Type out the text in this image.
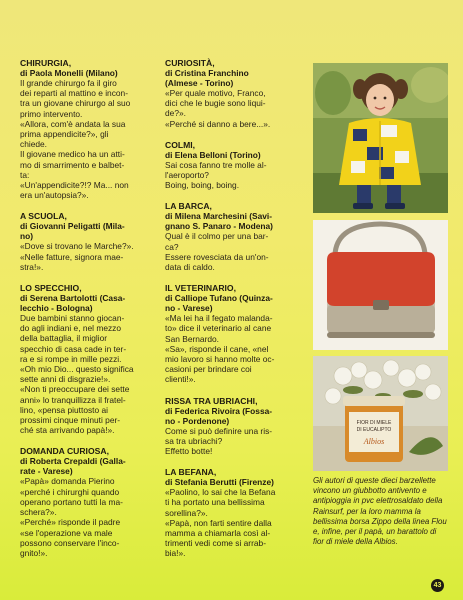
CHIRURGIA,
di Paola Monelli (Milano)

Il grande chirurgo fa il giro

dei reparti al mattino e incon-

tra un giovane chirurgo al suo

primo intervento.

«Allora, com'è andata la sua

prima appendicite?», gli

chiede.

Il giovane medico ha un atti-

mo di smarrimento e balbet-

ta:

«Un'appendicite?!? Ma... non

era un'autopsia?».

A SCUOLA,
di Giovanni Peligatti (Mila-
no)

«Dove si trovano le Marche?».

«Nelle fatture, signora mae-

stra!».

LO SPECCHIO,
di Serena Bartolotti (Casa-
lecchio - Bologna)

Due bambini stanno giocan-

do agli indiani e, nel mezzo

della battaglia, il miglior

specchio di casa cade in ter-

ra e si rompe in mille pezzi.

«Oh mio Dio... questo significa

sette anni di disgrazie!».

«Non ti preoccupare dei sette

anni» lo tranquillizza il fratel-

lino, «pensa piuttosto ai

prossimi cinque minuti per-

ché sta arrivando papà!».

DOMANDA CURIOSA,
di Roberta Crepaldi (Galla-
rate - Varese)

«Papà» domanda Pierino

«perché i chirurghi quando

operano portano tutti la ma-

schera?».

«Perché» risponde il padre

«se l'operazione va male

possono conservare l'inco-

gnito!».

CURIOSITÀ,
di Cristina Franchino
(Almese - Torino)

«Per quale motivo, Franco,

dici che le bugie sono liqui-

de?».

«Perché si danno a bere...».

COLMI,
di Elena Belloni (Torino)

Sai cosa fanno tre molle al-

l'aeroporto?

Boing, boing, boing.

LA BARCA,
di Milena Marchesini (Savi-
gnano S. Panaro - Modena)

Qual è il colmo per una bar-

ca?

Essere rovesciata da un'on-

data di caldo.

IL VETERINARIO,
di Calliope Tufano (Quinza-
no - Varese)

«Ma lei ha il fegato malanda-

to» dice il veterinario al cane

San Bernardo.

«Sa», risponde il cane, «nel

mio lavoro si hanno molte oc-

casioni per brindare coi

clienti!».

RISSA TRA UBRIACHI,
di Federica Rivoira (Fossa-
no - Pordenone)

Come si può definire una ris-

sa tra ubriachi?

Effetto botte!

LA BEFANA,
di Stefania Berutti (Firenze)

«Paolino, lo sai che la Befana

ti ha portato una bellissima

sorellina?».

«Papà, non farti sentire dalla

mamma a chiamarla così al-

trimenti vedi come si arrab-

bia!».

FIOR DI MIELE
DI EUCALIPTO
Albios
Gli autori di queste dieci barzellette vincono un giubbotto antivento e antipioggia in pvc elettrosaldato della Rainsurf, per la loro mamma la bellissima borsa Zippo della linea Flou e, infine, per il papà, un barattolo di fior di miele della Albios.
43
